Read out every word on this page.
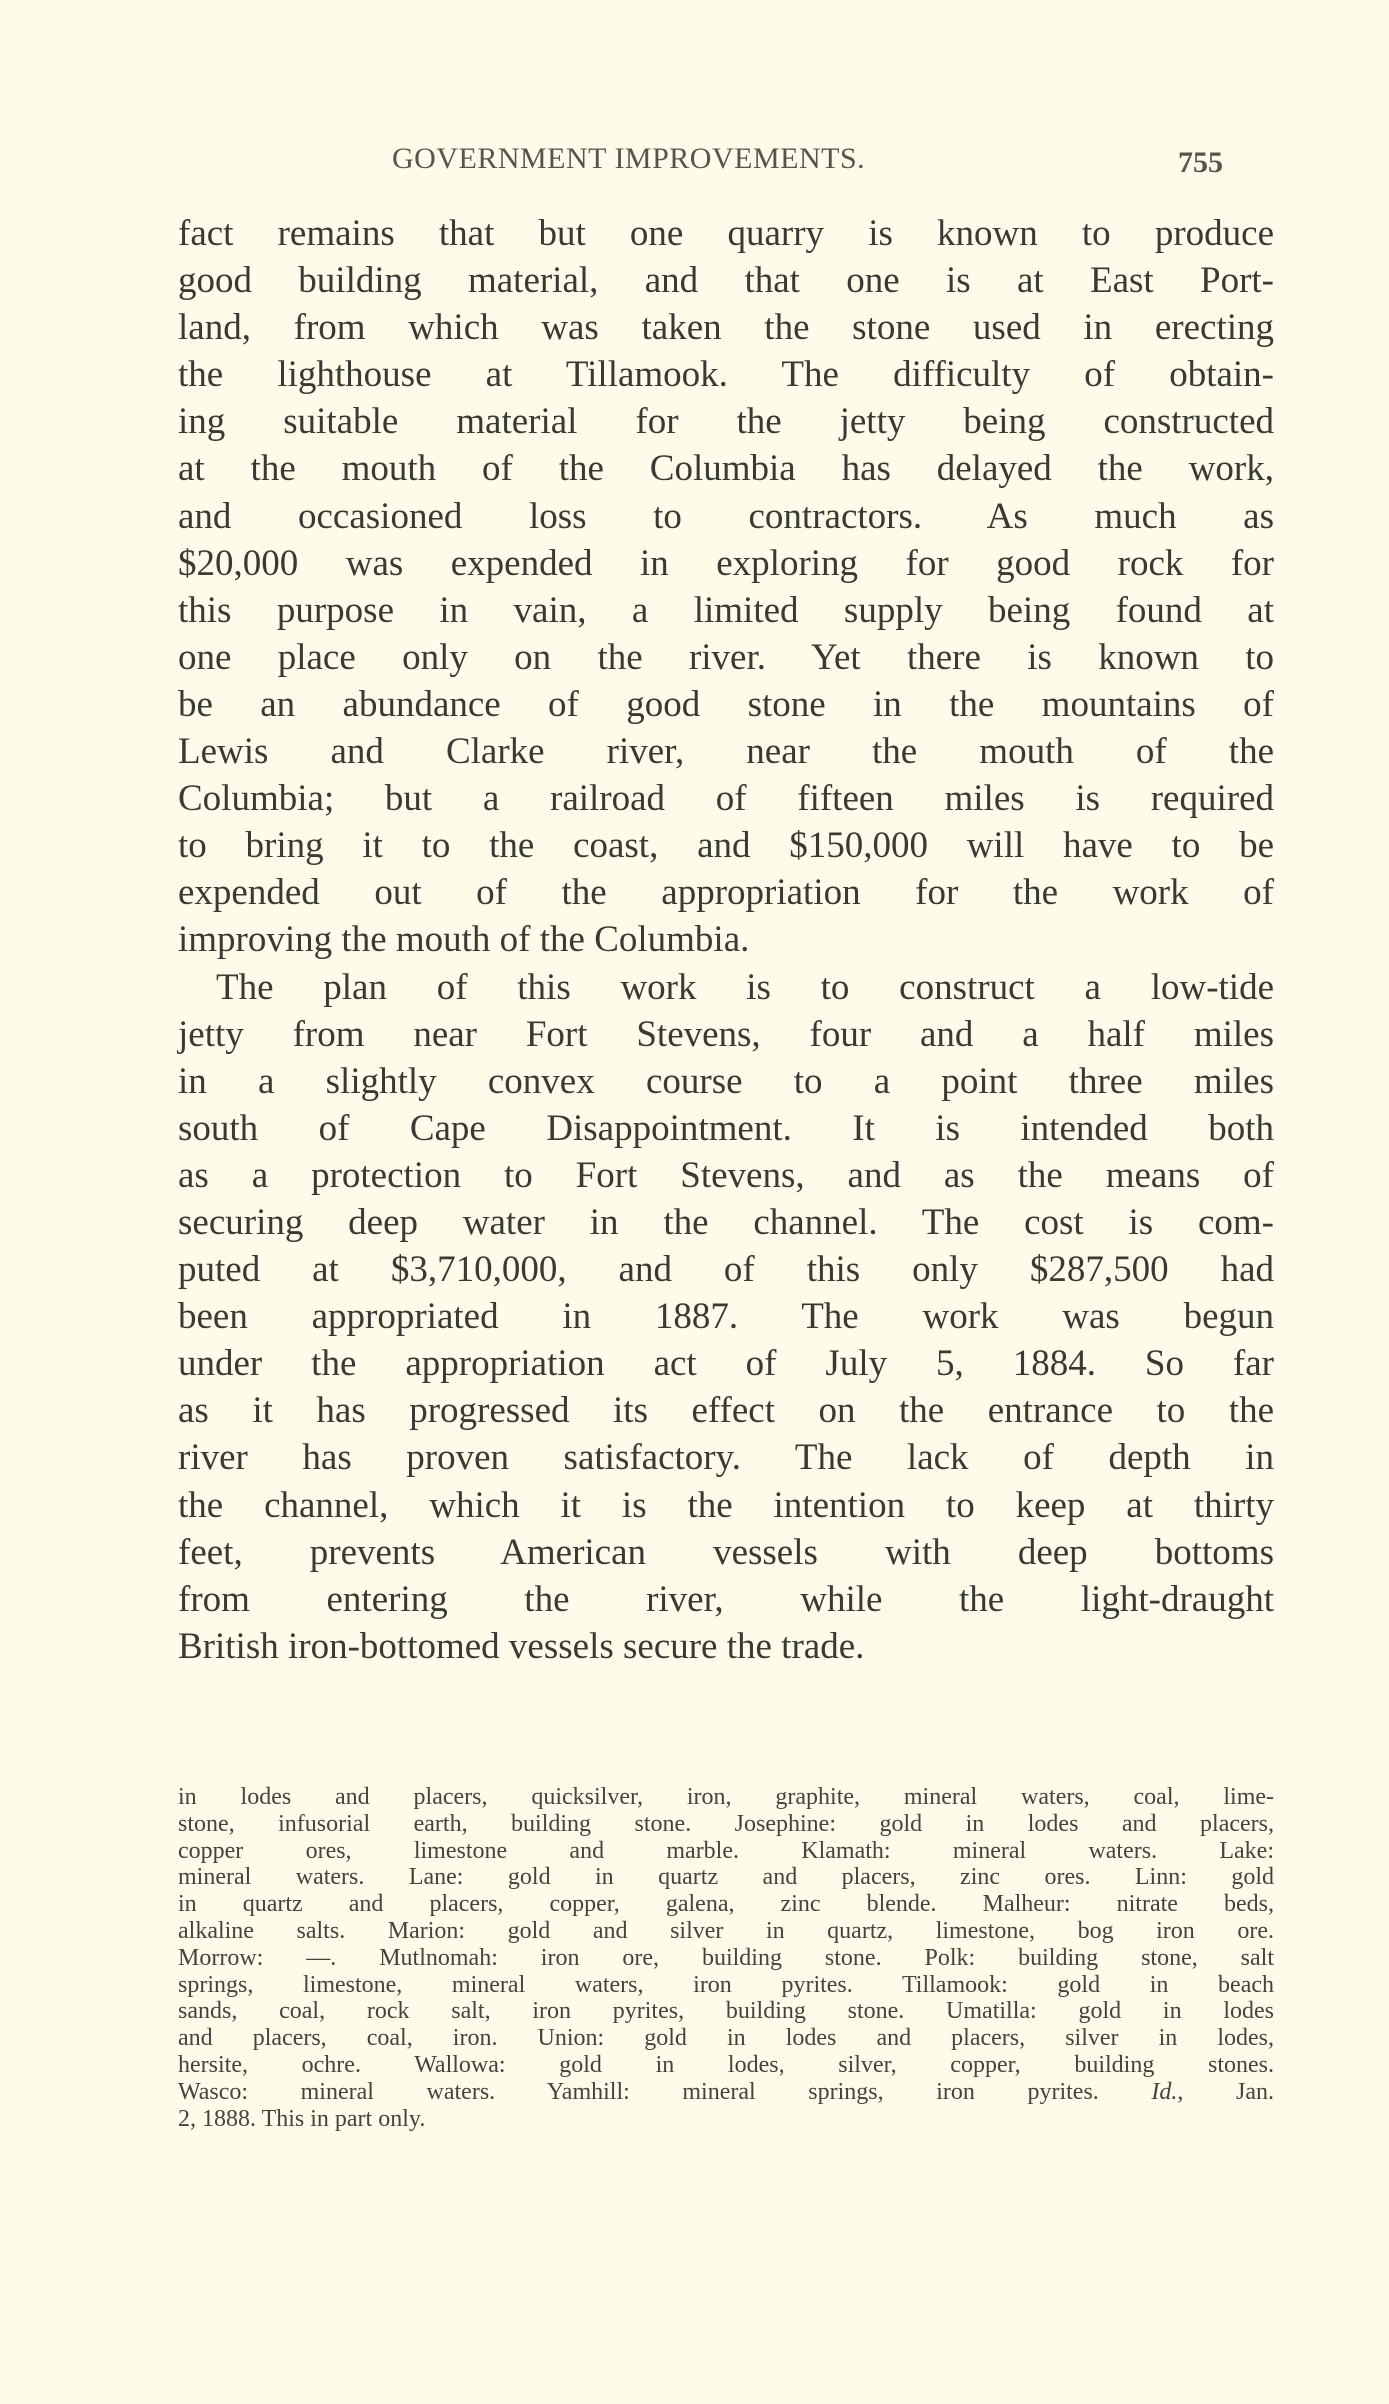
GOVERNMENT IMPROVEMENTS.	755
fact remains that but one quarry is known to produce
good building material, and that one is at East Port-
land, from which was taken the stone used in erecting
the lighthouse at Tillamook. The difficulty of obtain-
ing suitable material for the jetty being constructed
at the mouth of the Columbia has delayed the work,
and occasioned loss to contractors. As much as
$20,000 was expended in exploring for good rock for
this purpose in vain, a limited supply being found at
one place only on the river. Yet there is known to
be an abundance of good stone in the mountains of
Lewis and Clarke river, near the mouth of the
Columbia; but a railroad of fifteen miles is required
to bring it to the coast, and $150,000 will have to be
expended out of the appropriation for the work of
improving the mouth of the Columbia.
The plan of this work is to construct a low-tide
jetty from near Fort Stevens, four and a half miles
in a slightly convex course to a point three miles
south of Cape Disappointment. It is intended both
as a protection to Fort Stevens, and as the means of
securing deep water in the channel. The cost is com-
puted at $3,710,000, and of this only $287,500 had
been appropriated in 1887. The work was begun
under the appropriation act of July 5, 1884. So far
as it has progressed its effect on the entrance to the
river has proven satisfactory. The lack of depth in
the channel, which it is the intention to keep at thirty
feet, prevents American vessels with deep bottoms
from entering the river, while the light-draught
British iron-bottomed vessels secure the trade.
in lodes and placers, quicksilver, iron, graphite, mineral waters, coal, lime-
stone, infusorial earth, building stone. Josephine: gold in lodes and placers,
copper ores, limestone and marble. Klamath: mineral waters. Lake:
mineral waters. Lane: gold in quartz and placers, zinc ores. Linn: gold
in quartz and placers, copper, galena, zinc blende. Malheur: nitrate beds,
alkaline salts. Marion: gold and silver in quartz, limestone, bog iron ore.
Morrow: —. Mutlnomah: iron ore, building stone. Polk: building stone, salt
springs, limestone, mineral waters, iron pyrites. Tillamook: gold in beach
sands, coal, rock salt, iron pyrites, building stone. Umatilla: gold in lodes
and placers, coal, iron. Union: gold in lodes and placers, silver in lodes,
hersite, ochre. Wallowa: gold in lodes, silver, copper, building stones.
Wasco: mineral waters. Yamhill: mineral springs, iron pyrites. Id., Jan.
2, 1888. This in part only.
